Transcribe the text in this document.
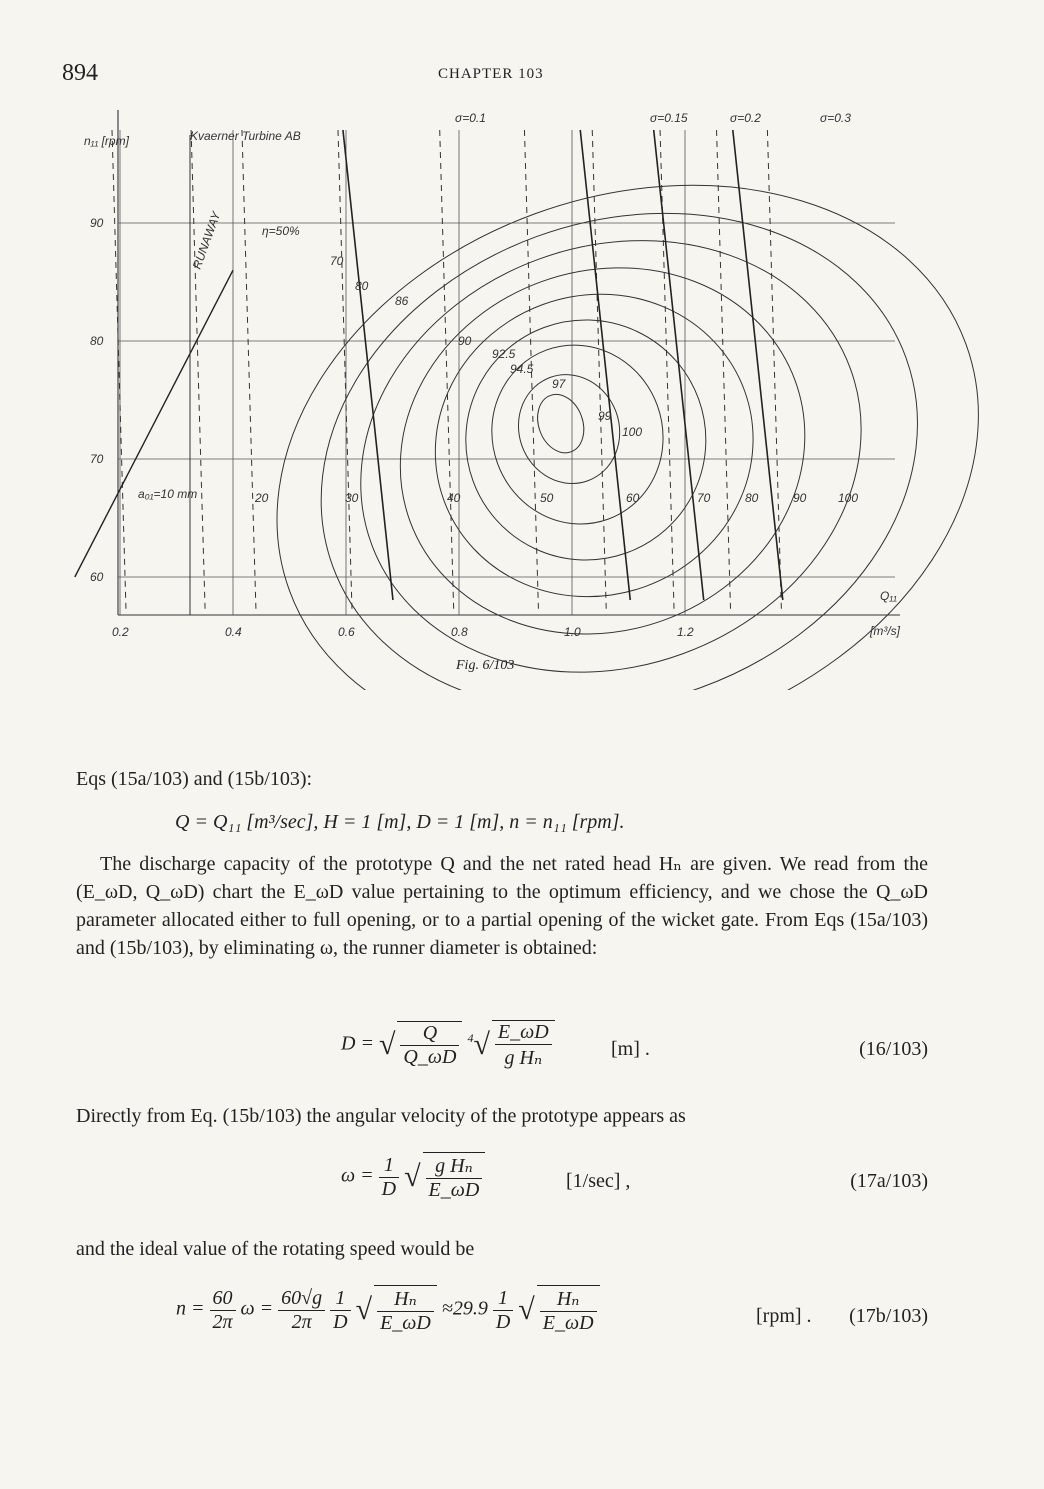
894	CHAPTER 103
60
70
80
90
0.2	0.4	0.6	0.8	1.0	1.2
n₁₁ [rpm]	Kvaerner Turbine AB
RUNAWAY	η=50%
a₀₁=10 mm
Q₁₁
[m³/s]
σ=0.1	σ=0.15	σ=0.2	σ=0.3
70
80
86
90
92.5
94.5
97
99
100
20	30	40	50	60	70	80	90	100
Fig. 6/103
Eqs (15a/103) and (15b/103):
Q = Q₁₁ [m³/sec], H = 1 [m], D = 1 [m], n = n₁₁ [rpm].
The discharge capacity of the prototype Q and the net rated head Hₙ are given. We read from the (E_ωD, Q_ωD) chart the E_ωD value pertaining to the optimum efficiency, and we chose the Q_ωD parameter allocated either to full opening, or to a partial opening of the wicket gate. From Eqs (15a/103) and (15b/103), by eliminating ω, the runner diameter is obtained:
D = √ $\frac{Q}{Q\_\omega D} ^4√ \frac{E\_\omega D}{\text{g Hₙ}}$	[m] .	(16/103)
Directly from Eq. (15b/103) the angular velocity of the prototype appears as
$\omega = \frac{1}{D}$ √ $\frac{\text{g Hₙ}}{E\_\omega D}$	[1/sec] ,	(17a/103)
and the ideal value of the rotating speed would be
$n = \frac{60}{2\pi}$ $\omega = \frac{60√g}{2\pi}$
$\frac{1}{D}$ √ $\frac{\text{Hₙ}}{E\_\omega D} \approx 29.9 \frac{1}{D}$ √ $\frac{\text{Hₙ}}{E\_\omega D}$	[rpm] . (17b/103)
